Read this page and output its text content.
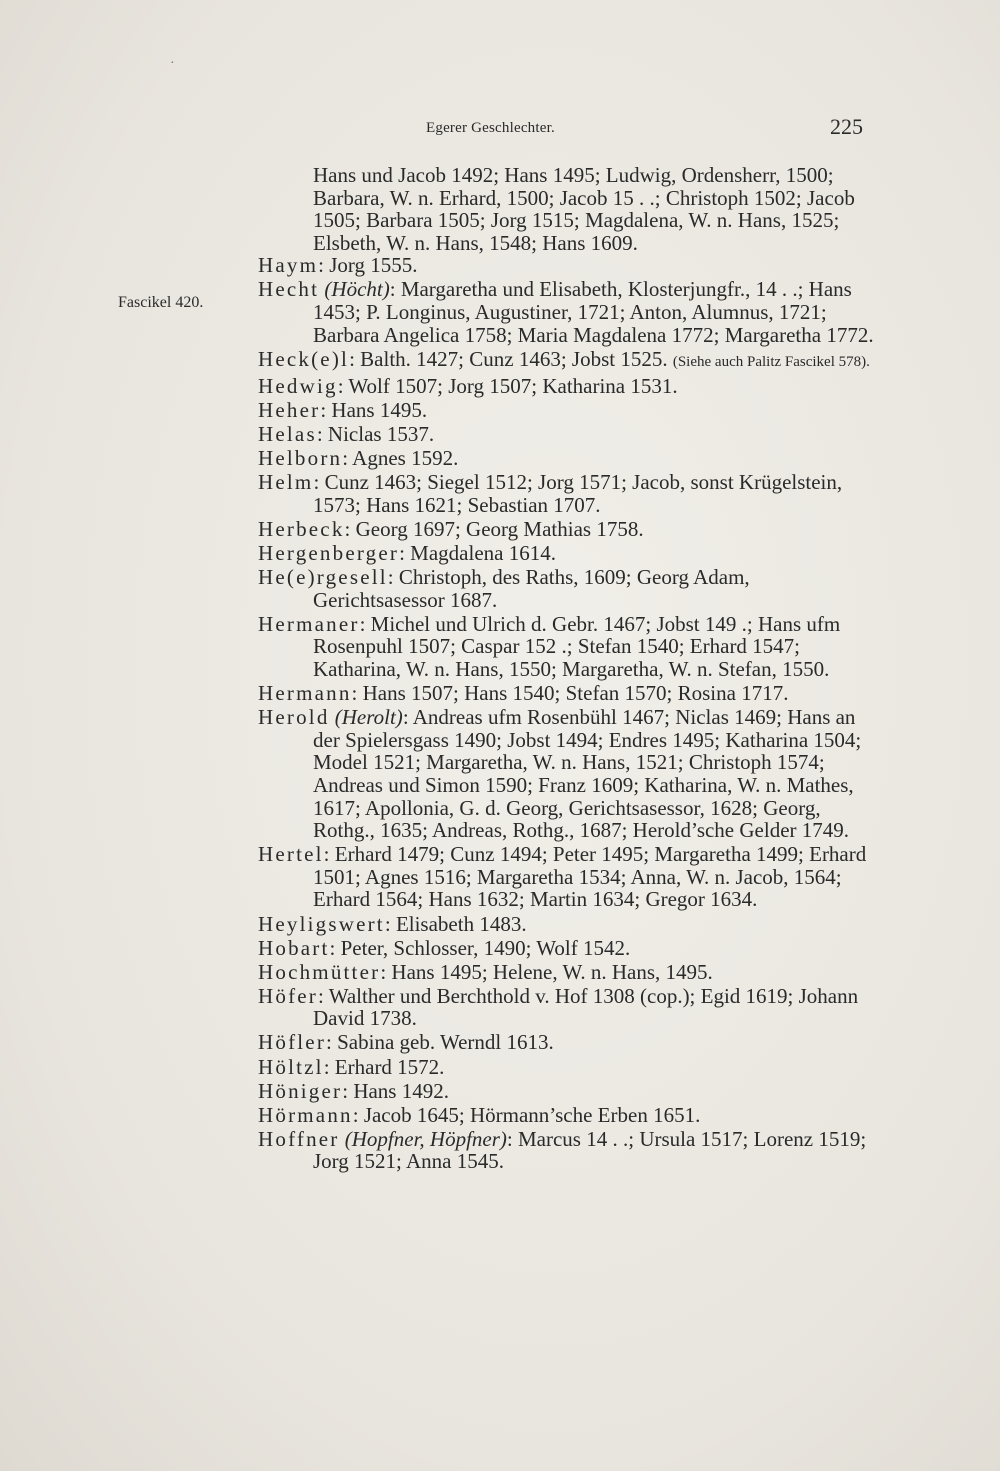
·
Egerer Geschlechter.	225
Fascikel 420.
Hans und Jacob 1492; Hans 1495; Ludwig, Ordensherr, 1500; Barbara, W. n. Erhard, 1500; Jacob 15 . .; Christoph 1502; Jacob 1505; Barbara 1505; Jorg 1515; Magdalena, W. n. Hans, 1525; Elsbeth, W. n. Hans, 1548; Hans 1609.
Haym: Jorg 1555.
Hecht (Höcht): Margaretha und Elisabeth, Klosterjungfr., 14 . .; Hans 1453; P. Longinus, Augustiner, 1721; Anton, Alumnus, 1721; Barbara Angelica 1758; Maria Magdalena 1772; Margaretha 1772.
Heck(e)l: Balth. 1427; Cunz 1463; Jobst 1525. (Siehe auch Palitz Fascikel 578).
Hedwig: Wolf 1507; Jorg 1507; Katharina 1531.
Heher: Hans 1495.
Helas: Niclas 1537.
Helborn: Agnes 1592.
Helm: Cunz 1463; Siegel 1512; Jorg 1571; Jacob, sonst Krügelstein, 1573; Hans 1621; Sebastian 1707.
Herbeck: Georg 1697; Georg Mathias 1758.
Hergenberger: Magdalena 1614.
He(e)rgesell: Christoph, des Raths, 1609; Georg Adam, Gerichtsasessor 1687.
Hermaner: Michel und Ulrich d. Gebr. 1467; Jobst 149 .; Hans ufm Rosenpuhl 1507; Caspar 152 .; Stefan 1540; Erhard 1547; Katharina, W. n. Hans, 1550; Margaretha, W. n. Stefan, 1550.
Hermann: Hans 1507; Hans 1540; Stefan 1570; Rosina 1717.
Herold (Herolt): Andreas ufm Rosenbühl 1467; Niclas 1469; Hans an der Spielersgass 1490; Jobst 1494; Endres 1495; Katharina 1504; Model 1521; Margaretha, W. n. Hans, 1521; Christoph 1574; Andreas und Simon 1590; Franz 1609; Katharina, W. n. Mathes, 1617; Apollonia, G. d. Georg, Gerichtsasessor, 1628; Georg, Rothg., 1635; Andreas, Rothg., 1687; Herold’sche Gelder 1749.
Hertel: Erhard 1479; Cunz 1494; Peter 1495; Margaretha 1499; Erhard 1501; Agnes 1516; Margaretha 1534; Anna, W. n. Jacob, 1564; Erhard 1564; Hans 1632; Martin 1634; Gregor 1634.
Heyligswert: Elisabeth 1483.
Hobart: Peter, Schlosser, 1490; Wolf 1542.
Hochmütter: Hans 1495; Helene, W. n. Hans, 1495.
Höfer: Walther und Berchthold v. Hof 1308 (cop.); Egid 1619; Johann David 1738.
Höfler: Sabina geb. Werndl 1613.
Höltzl: Erhard 1572.
Höniger: Hans 1492.
Hörmann: Jacob 1645; Hörmann’sche Erben 1651.
Hoffner (Hopfner, Höpfner): Marcus 14 . .; Ursula 1517; Lorenz 1519; Jorg 1521; Anna 1545.
